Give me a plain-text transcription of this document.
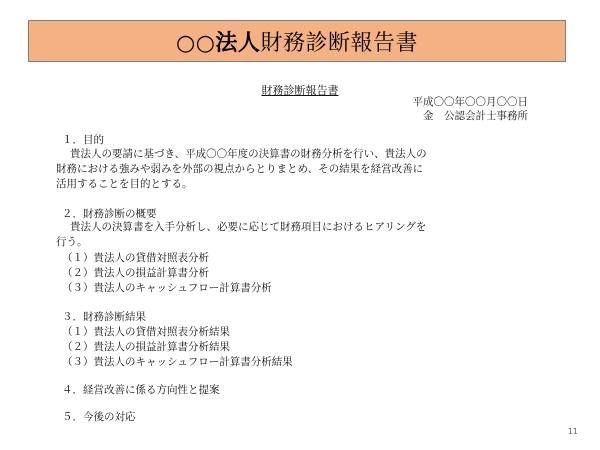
○○法人 財務診断報告書
財務診断報告書
平成〇〇年〇〇月〇〇日
金　公認会計士事務所
１．目的
貴法人の要請に基づき、平成〇〇年度の決算書の財務分析を行い、貴法人の
財務における強みや弱みを外部の視点からとりまとめ、その結果を経営改善に
活用することを目的とする。
２．財務診断の概要
貴法人の決算書を入手分析し、必要に応じて財務項目におけるヒアリングを
行う。
（１）貴法人の貸借対照表分析
（２）貴法人の損益計算書分析
（３）貴法人のキャッシュフロー計算書分析
３．財務診断結果
（１）貴法人の貸借対照表分析結果
（２）貴法人の損益計算書分析結果
（３）貴法人のキャッシュフロー計算書分析結果
４．経営改善に係る方向性と提案
５．今後の対応
11
